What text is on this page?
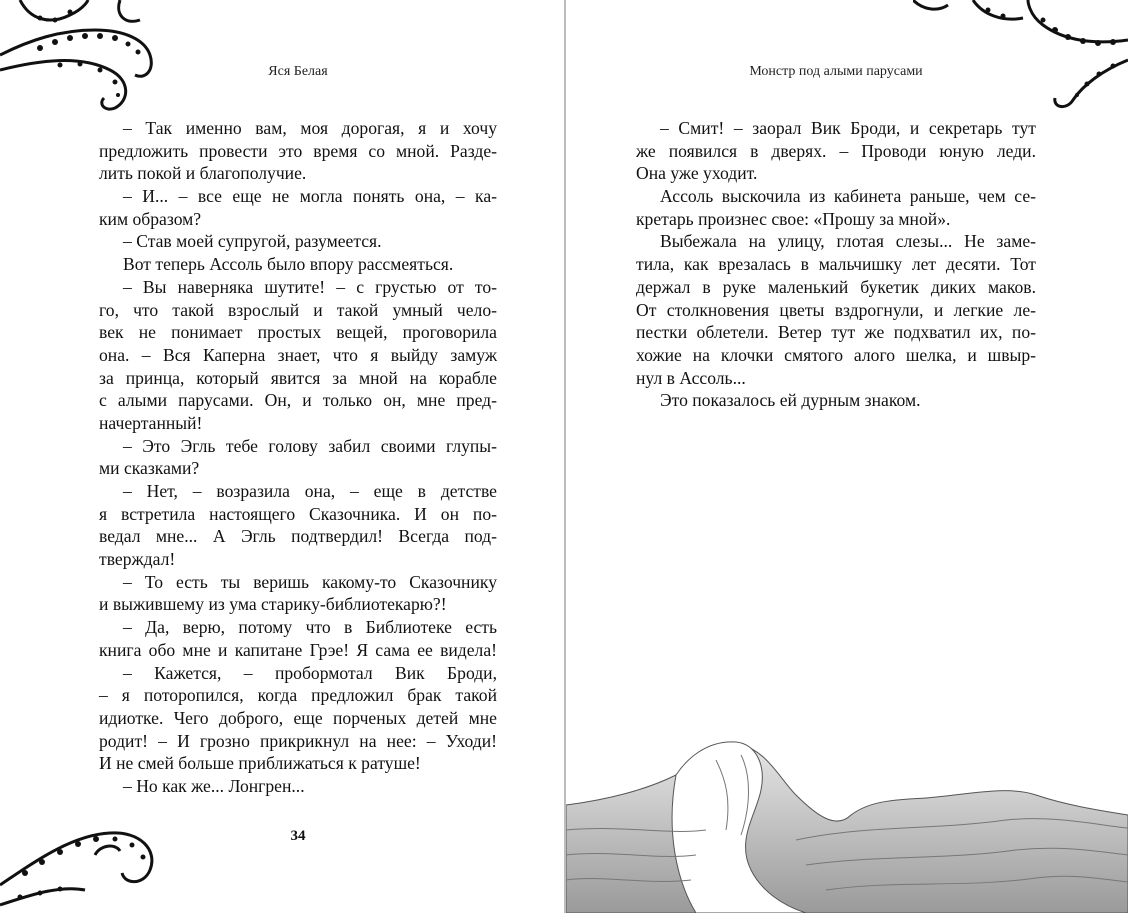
Яся Белая
– Так именно вам, моя дорогая, я и хочу
предложить провести это время со мной. Разде-
лить покой и благополучие.
– И... – все еще не могла понять она, – ка-
ким образом?
– Став моей супругой, разумеется.
Вот теперь Ассоль было впору рассмеяться.
– Вы наверняка шутите! – с грустью от то-
го, что такой взрослый и такой умный чело-
век не понимает простых вещей, проговорила
она. – Вся Каперна знает, что я выйду замуж
за принца, который явится за мной на корабле
с алыми парусами. Он, и только он, мне пред-
начертанный!
– Это Эгль тебе голову забил своими глупы-
ми сказками?
– Нет, – возразила она, – еще в детстве
я встретила настоящего Сказочника. И он по-
ведал мне... А Эгль подтвердил! Всегда под-
тверждал!
– То есть ты веришь какому-то Сказочнику
и выжившему из ума старику-библиотекарю?!
– Да, верю, потому что в Библиотеке есть
книга обо мне и капитане Грэе! Я сама ее видела!
– Кажется, – пробормотал Вик Броди,
– я поторопился, когда предложил брак такой
идиотке. Чего доброго, еще порченых детей мне
родит! – И грозно прикрикнул на нее: – Уходи!
И не смей больше приближаться к ратуше!
– Но как же... Лонгрен...
34
Монстр под алыми парусами
– Смит! – заорал Вик Броди, и секретарь тут
же появился в дверях. – Проводи юную леди.
Она уже уходит.
Ассоль выскочила из кабинета раньше, чем се-
кретарь произнес свое: «Прошу за мной».
Выбежала на улицу, глотая слезы... Не заме-
тила, как врезалась в мальчишку лет десяти. Тот
держал в руке маленький букетик диких маков.
От столкновения цветы вздрогнули, и легкие ле-
пестки облетели. Ветер тут же подхватил их, по-
хожие на клочки смятого алого шелка, и швыр-
нул в Ассоль...
Это показалось ей дурным знаком.
